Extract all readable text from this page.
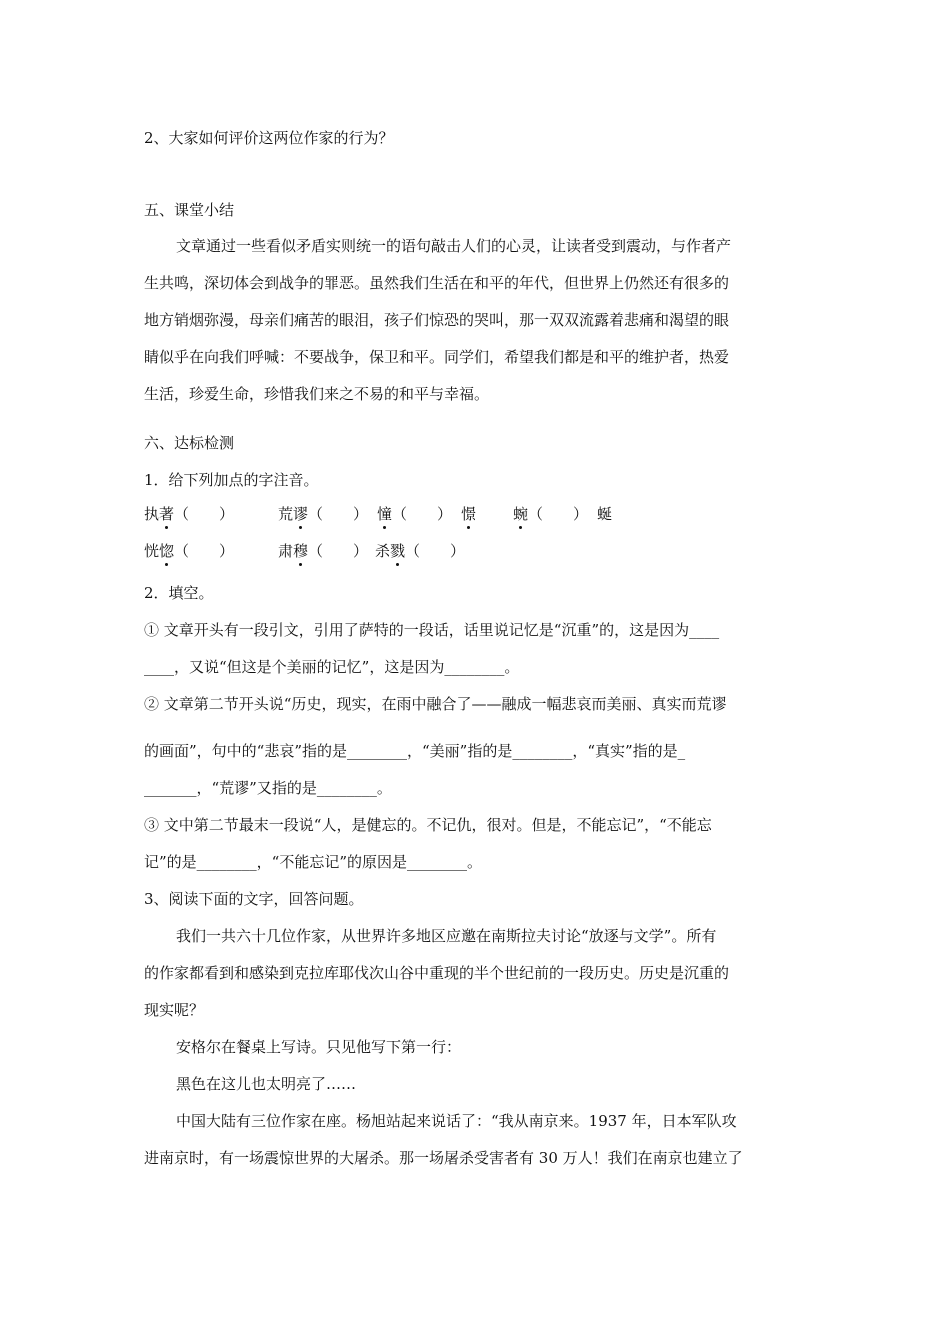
2、大家如何评价这两位作家的行为？
五、课堂小结
文章通过一些看似矛盾实则统一的语句敲击人们的心灵，让读者受到震动，与作者产
生共鸣，深切体会到战争的罪恶。虽然我们生活在和平的年代，但世界上仍然还有很多的
地方销烟弥漫，母亲们痛苦的眼泪，孩子们惊恐的哭叫，那一双双流露着悲痛和渴望的眼
睛似乎在向我们呼喊：不要战争，保卫和平。同学们，希望我们都是和平的维护者，热爱
生活，珍爱生命，珍惜我们来之不易的和平与幸福。
六、达标检测
1．给下列加点的字注音。
执著（　　）	荒谬（　　） 憧（　　） 憬 蜿（　　） 蜒
恍惚（　　）	肃穆（　　） 杀戮（　　）
2．填空。
① 文章开头有一段引文，引用了萨特的一段话，话里说记忆是“沉重”的，这是因为____
____，又说“但这是个美丽的记忆”，这是因为________。
② 文章第二节开头说“历史，现实，在雨中融合了——融成一幅悲哀而美丽、真实而荒谬
的画面”，句中的“悲哀”指的是________，“美丽”指的是________，“真实”指的是_
_______，“荒谬”又指的是________。
③ 文中第二节最末一段说“人，是健忘的。不记仇，很对。但是，不能忘记”，“不能忘
记”的是________，“不能忘记”的原因是________。
3、阅读下面的文字，回答问题。
我们一共六十几位作家，从世界许多地区应邀在南斯拉夫讨论“放逐与文学”。所有
的作家都看到和感染到克拉库耶伐次山谷中重现的半个世纪前的一段历史。历史是沉重的
现实呢？
安格尔在餐桌上写诗。只见他写下第一行：
黑色在这儿也太明亮了……
中国大陆有三位作家在座。杨旭站起来说话了：“我从南京来。1937 年，日本军队攻
进南京时，有一场震惊世界的大屠杀。那一场屠杀受害者有 30 万人！我们在南京也建立了
